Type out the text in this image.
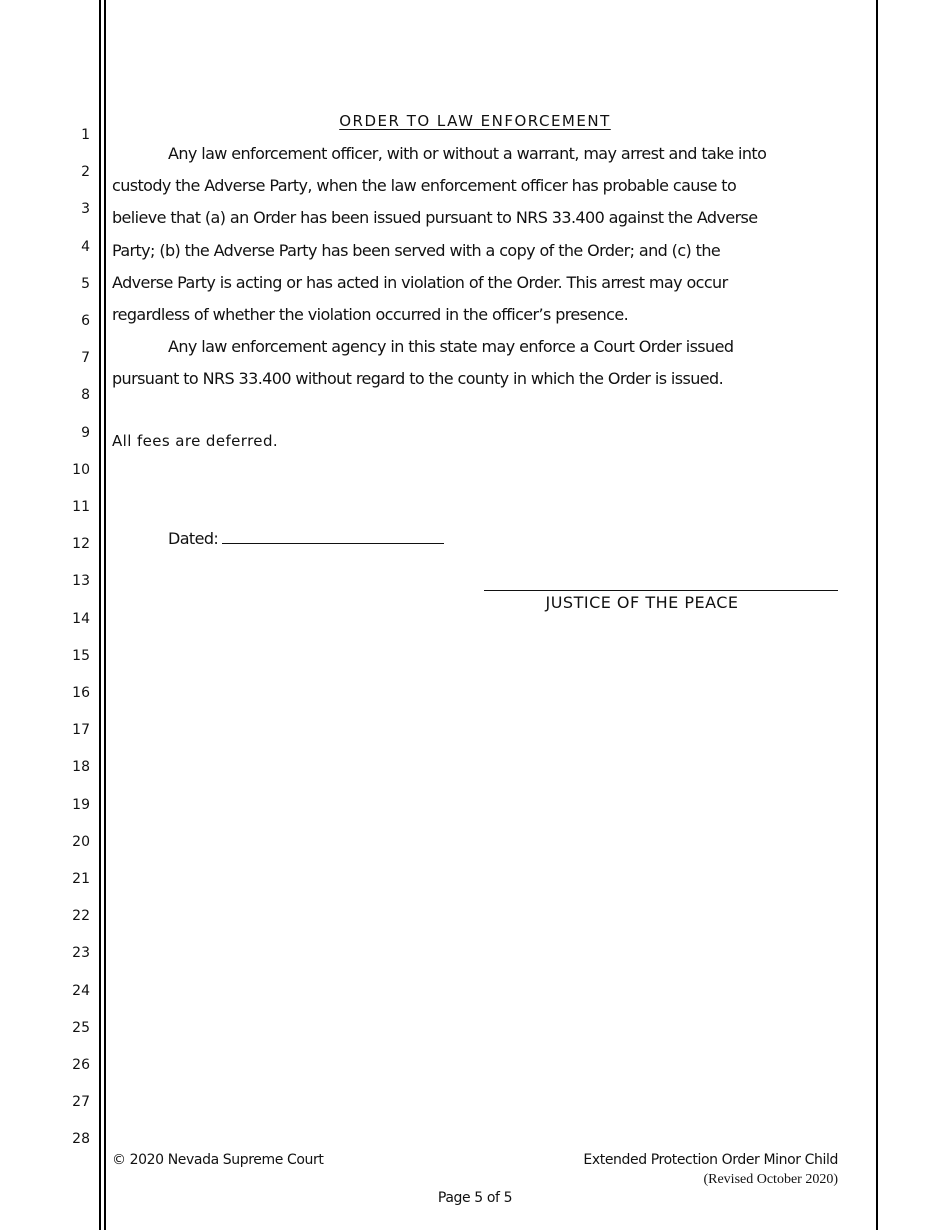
1
2
3
4
5
6
7
8
9
10
11
12
13
14
15
16
17
18
19
20
21
22
23
24
25
26
27
28
ORDER TO LAW ENFORCEMENT

Any law enforcement officer, with or without a warrant, may arrest and take into custody the Adverse Party, when the law enforcement officer has probable cause to believe that (a) an Order has been issued pursuant to NRS 33.400 against the Adverse Party; (b) the Adverse Party has been served with a copy of the Order; and (c) the Adverse Party is acting or has acted in violation of the Order. This arrest may occur regardless of whether the violation occurred in the officer’s presence.

Any law enforcement agency in this state may enforce a Court Order issued pursuant to NRS 33.400 without regard to the county in which the Order is issued.

All fees are deferred.
Dated:
JUSTICE OF THE PEACE
© 2020 Nevada Supreme Court	Extended Protection Order Minor Child
(Revised October 2020)
Page 5 of 5
